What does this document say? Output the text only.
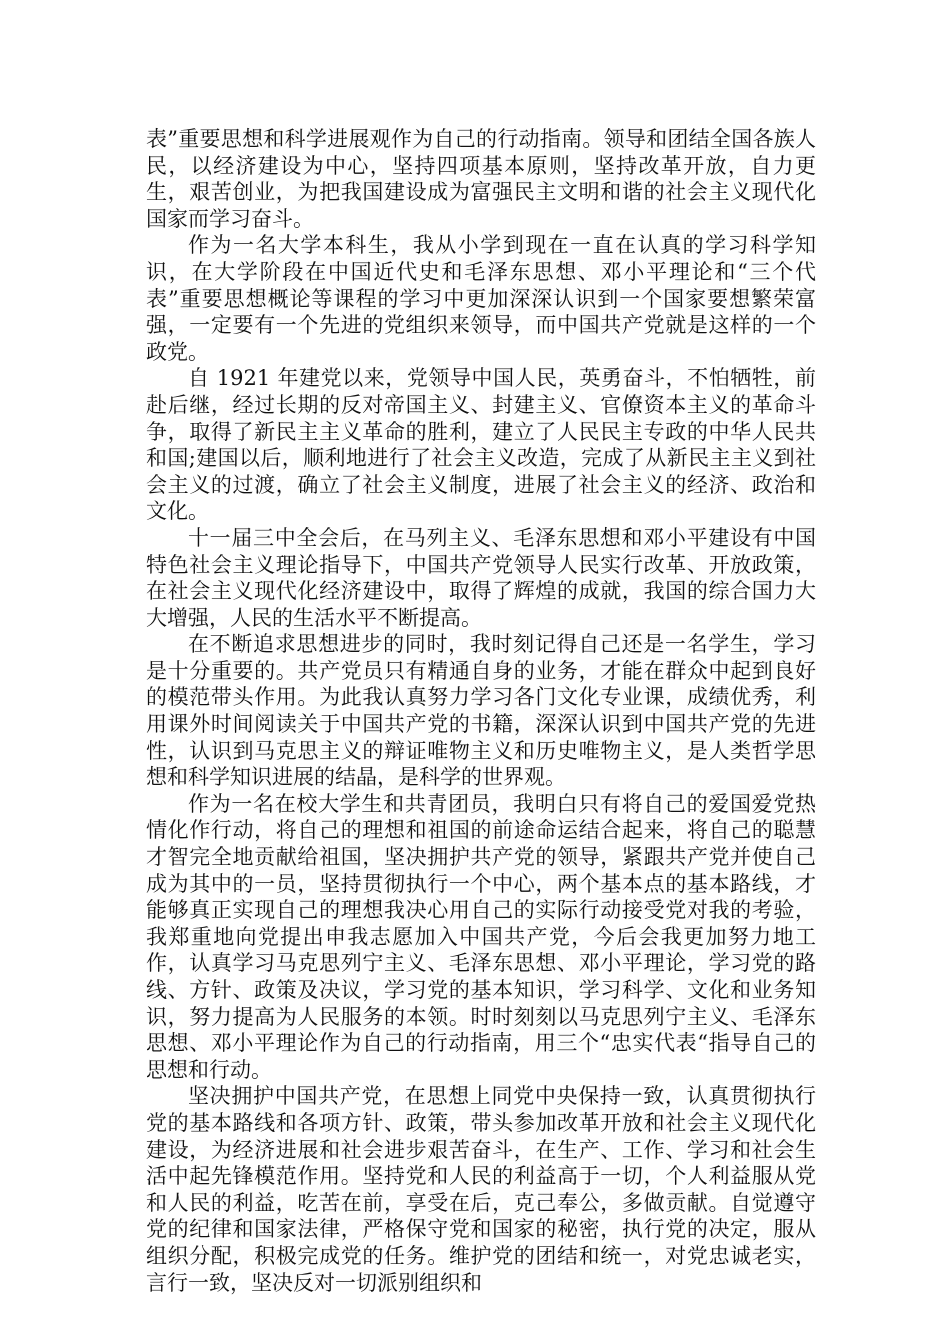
表”重要思想和科学进展观作为自己的行动指南。领导和团结全国各族人民，以经济建设为中心，坚持四项基本原则，坚持改革开放，自力更生，艰苦创业，为把我国建设成为富强民主文明和谐的社会主义现代化国家而学习奋斗。

作为一名大学本科生，我从小学到现在一直在认真的学习科学知识，在大学阶段在中国近代史和毛泽东思想、邓小平理论和“三个代表”重要思想概论等课程的学习中更加深深认识到一个国家要想繁荣富强，一定要有一个先进的党组织来领导，而中国共产党就是这样的一个政党。

自 1921 年建党以来，党领导中国人民，英勇奋斗，不怕牺牲，前赴后继，经过长期的反对帝国主义、封建主义、官僚资本主义的革命斗争，取得了新民主主义革命的胜利，建立了人民民主专政的中华人民共和国;建国以后，顺利地进行了社会主义改造，完成了从新民主主义到社会主义的过渡，确立了社会主义制度，进展了社会主义的经济、政治和文化。

十一届三中全会后，在马列主义、毛泽东思想和邓小平建设有中国特色社会主义理论指导下，中国共产党领导人民实行改革、开放政策，在社会主义现代化经济建设中，取得了辉煌的成就，我国的综合国力大大增强，人民的生活水平不断提高。

在不断追求思想进步的同时，我时刻记得自己还是一名学生，学习是十分重要的。共产党员只有精通自身的业务，才能在群众中起到良好的模范带头作用。为此我认真努力学习各门文化专业课，成绩优秀，利用课外时间阅读关于中国共产党的书籍，深深认识到中国共产党的先进性，认识到马克思主义的辩证唯物主义和历史唯物主义，是人类哲学思想和科学知识进展的结晶，是科学的世界观。

作为一名在校大学生和共青团员，我明白只有将自己的爱国爱党热情化作行动，将自己的理想和祖国的前途命运结合起来，将自己的聪慧才智完全地贡献给祖国，坚决拥护共产党的领导，紧跟共产党并使自己成为其中的一员，坚持贯彻执行一个中心，两个基本点的基本路线，才能够真正实现自己的理想我决心用自己的实际行动接受党对我的考验，我郑重地向党提出申我志愿加入中国共产党，今后会我更加努力地工作，认真学习马克思列宁主义、毛泽东思想、邓小平理论，学习党的路线、方针、政策及决议，学习党的基本知识，学习科学、文化和业务知识，努力提高为人民服务的本领。时时刻刻以马克思列宁主义、毛泽东思想、邓小平理论作为自己的行动指南，用三个“忠实代表“指导自己的思想和行动。

坚决拥护中国共产党，在思想上同党中央保持一致，认真贯彻执行党的基本路线和各项方针、政策，带头参加改革开放和社会主义现代化建设，为经济进展和社会进步艰苦奋斗，在生产、工作、学习和社会生活中起先锋模范作用。坚持党和人民的利益高于一切，个人利益服从党和人民的利益，吃苦在前，享受在后，克己奉公，多做贡献。自觉遵守党的纪律和国家法律，严格保守党和国家的秘密，执行党的决定，服从组织分配，积极完成党的任务。维护党的团结和统一，对党忠诚老实，言行一致，坚决反对一切派别组织和
